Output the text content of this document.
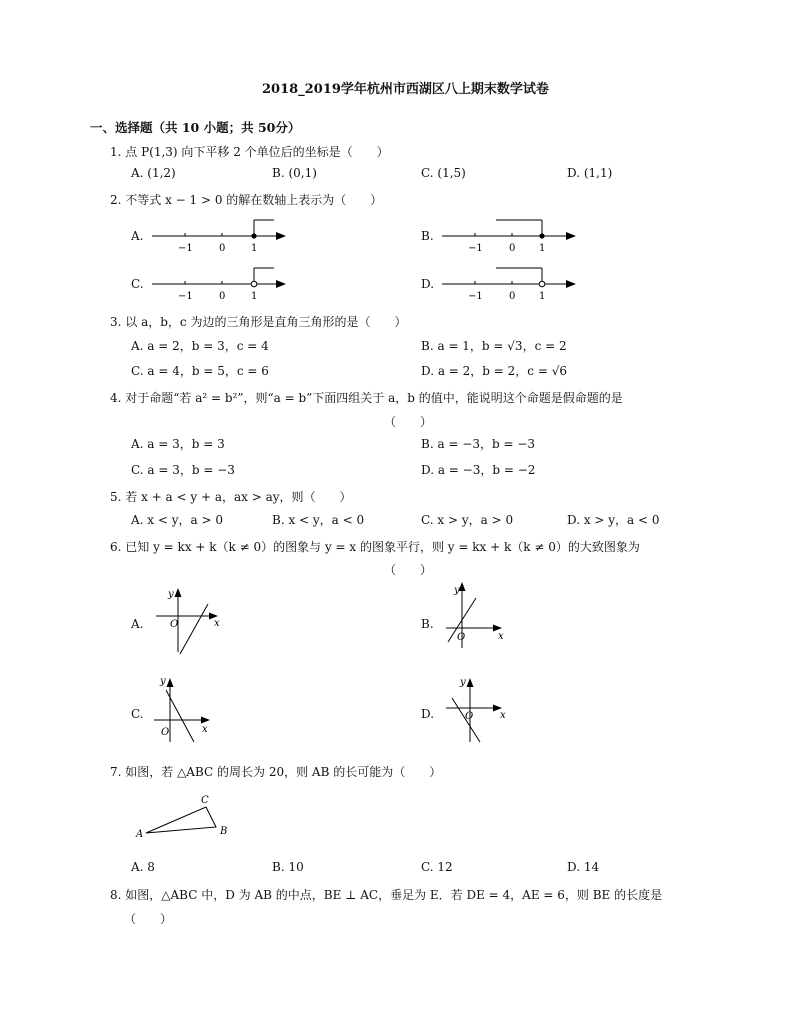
2018_2019学年杭州市西湖区八上期末数学试卷
一、选择题（共 10 小题；共 50分）
1. 点 P(1,3) 向下平移 2 个单位后的坐标是（　　）
A. (1,2)	B. (0,1)	C. (1,5)	D. (1,1)
2. 不等式 x − 1 > 0 的解在数轴上表示为（　　）
A.
−1	0	1
B.
−1	0 1
C.
−1	0	1
D.
−1	0 1
3. 以 a，b，c 为边的三角形是直角三角形的是（　　）
A. a = 2，b = 3，c = 4	B. a = 1，b = √3，c = 2
C. a = 4，b = 5，c = 6	D. a = 2，b = 2，c = √6
4. 对于命题“若 a² = b²”，则“a = b”下面四组关于 a，b 的值中，能说明这个命题是假命题的是
（　　）
A. a = 3，b = 3	B. a = −3，b = −3
C. a = 3，b = −3	D. a = −3，b = −2
5. 若 x + a < y + a，ax > ay，则（　　）
A. x < y，a > 0	B. x < y，a < 0	C. x > y，a > 0	D. x > y，a < 0
6. 已知 y = kx + k（k ≠ 0）的图象与 y = x 的图象平行，则 y = kx + k（k ≠ 0）的大致图象为
（　　）
A.
y
x
O	B.
y
x
O
C.
y
x
O
D.
y
x
O
7. 如图，若 △ABC 的周长为 20，则 AB 的长可能为（　　）
A	B
C
A. 8	B. 10	C. 12	D. 14
8. 如图，△ABC 中，D 为 AB 的中点，BE ⊥ AC，垂足为 E．若 DE = 4，AE = 6，则 BE 的长度是
（　　）
